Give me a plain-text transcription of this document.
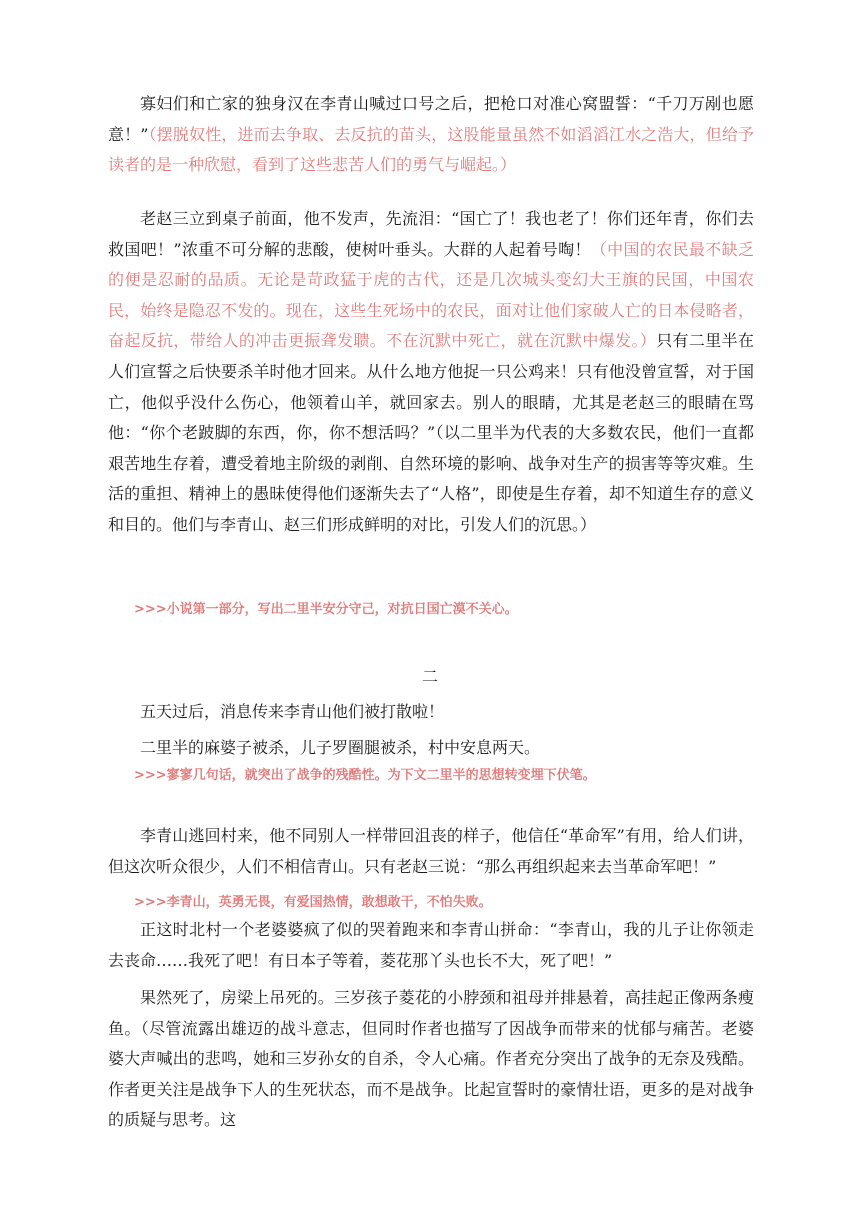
寡妇们和亡家的独身汉在李青山喊过口号之后，把枪口对准心窝盟誓：“千刀万剐也愿意！”（摆脱奴性，进而去争取、去反抗的苗头，这股能量虽然不如滔滔江水之浩大，但给予读者的是一种欣慰，看到了这些悲苦人们的勇气与崛起。）

老赵三立到桌子前面，他不发声，先流泪：“国亡了！我也老了！你们还年青，你们去救国吧！”浓重不可分解的悲酸，使树叶垂头。大群的人起着号啕！（中国的农民最不缺乏的便是忍耐的品质。无论是苛政猛于虎的古代，还是几次城头变幻大王旗的民国，中国农民，始终是隐忍不发的。现在，这些生死场中的农民，面对让他们家破人亡的日本侵略者，奋起反抗，带给人的冲击更振聋发聩。不在沉默中死亡，就在沉默中爆发。）只有二里半在人们宣誓之后快要杀羊时他才回来。从什么地方他捉一只公鸡来！只有他没曾宣誓，对于国亡，他似乎没什么伤心，他领着山羊，就回家去。别人的眼睛，尤其是老赵三的眼睛在骂他：“你个老跛脚的东西，你，你不想活吗？”（以二里半为代表的大多数农民，他们一直都艰苦地生存着，遭受着地主阶级的剥削、自然环境的影响、战争对生产的损害等等灾难。生活的重担、精神上的愚昧使得他们逐渐失去了“人格”，即使是生存着，却不知道生存的意义和目的。他们与李青山、赵三们形成鲜明的对比，引发人们的沉思。）

>>>小说第一部分，写出二里半安分守己，对抗日国亡漠不关心。

二

五天过后，消息传来李青山他们被打散啦！

二里半的麻婆子被杀，儿子罗圈腿被杀，村中安息两天。

>>>寥寥几句话，就突出了战争的残酷性。为下文二里半的思想转变埋下伏笔。

李青山逃回村来，他不同别人一样带回沮丧的样子，他信任“革命军”有用，给人们讲，但这次听众很少，人们不相信青山。只有老赵三说：“那么再组织起来去当革命军吧！”

>>>李青山，英勇无畏，有爱国热情，敢想敢干，不怕失败。

正这时北村一个老婆婆疯了似的哭着跑来和李青山拼命：“李青山，我的儿子让你领走去丧命……我死了吧！有日本子等着，菱花那丫头也长不大，死了吧！”

果然死了，房梁上吊死的。三岁孩子菱花的小脖颈和祖母并排悬着，高挂起正像两条瘦鱼。（尽管流露出雄迈的战斗意志，但同时作者也描写了因战争而带来的忧郁与痛苦。老婆婆大声喊出的悲鸣，她和三岁孙女的自杀，令人心痛。作者充分突出了战争的无奈及残酷。作者更关注是战争下人的生死状态，而不是战争。比起宣誓时的豪情壮语，更多的是对战争的质疑与思考。这
